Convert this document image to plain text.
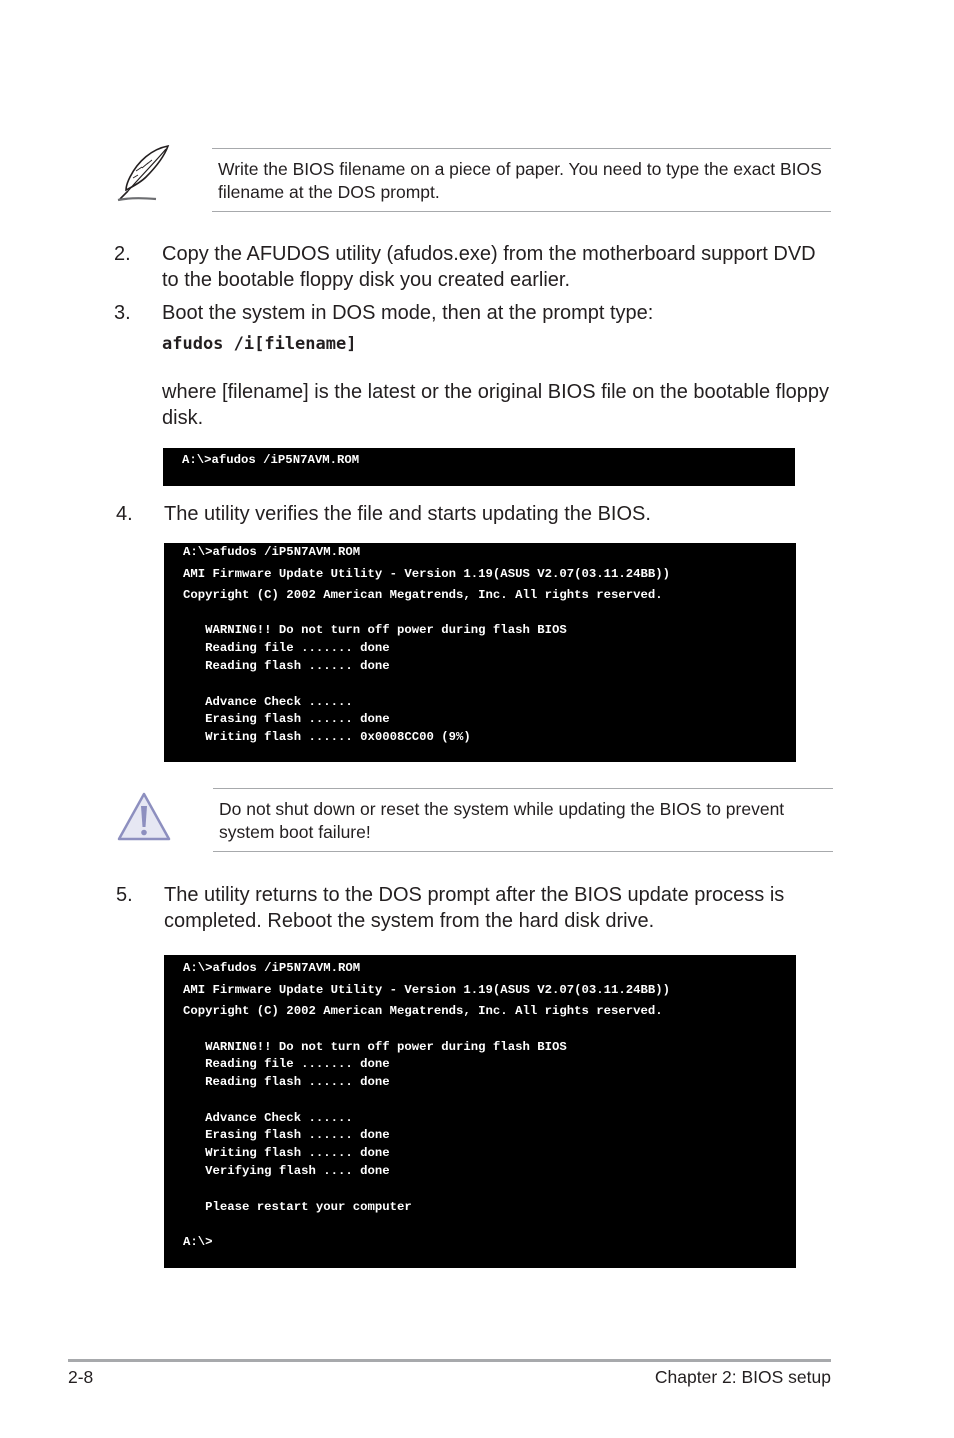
Write the BIOS filename on a piece of paper. You need to type the exact BIOS filename at the DOS prompt.
2. Copy the AFUDOS utility (afudos.exe) from the motherboard support DVD to the bootable floppy disk you created earlier.
3. Boot the system in DOS mode, then at the prompt type:
afudos /i[filename]
where [filename] is the latest or the original BIOS file on the bootable floppy disk.
A:\>afudos /iP5N7AVM.ROM
4. The utility verifies the file and starts updating the BIOS.
A:\>afudos /iP5N7AVM.ROM
AMI Firmware Update Utility - Version 1.19(ASUS V2.07(03.11.24BB))
Copyright (C) 2002 American Megatrends, Inc. All rights reserved.
WARNING!! Do not turn off power during flash BIOS
Reading file ....... done
Reading flash ...... done
Advance Check ......
Erasing flash ...... done
Writing flash ...... 0x0008CC00 (9%)
Do not shut down or reset the system while updating the BIOS to prevent system boot failure!
5. The utility returns to the DOS prompt after the BIOS update process is completed. Reboot the system from the hard disk drive.
A:\>afudos /iP5N7AVM.ROM
AMI Firmware Update Utility - Version 1.19(ASUS V2.07(03.11.24BB))
Copyright (C) 2002 American Megatrends, Inc. All rights reserved.
WARNING!! Do not turn off power during flash BIOS
Reading file ....... done
Reading flash ...... done
Advance Check ......
Erasing flash ...... done
Writing flash ...... done
Verifying flash .... done
Please restart your computer
A:\>
2-8	Chapter 2: BIOS setup
